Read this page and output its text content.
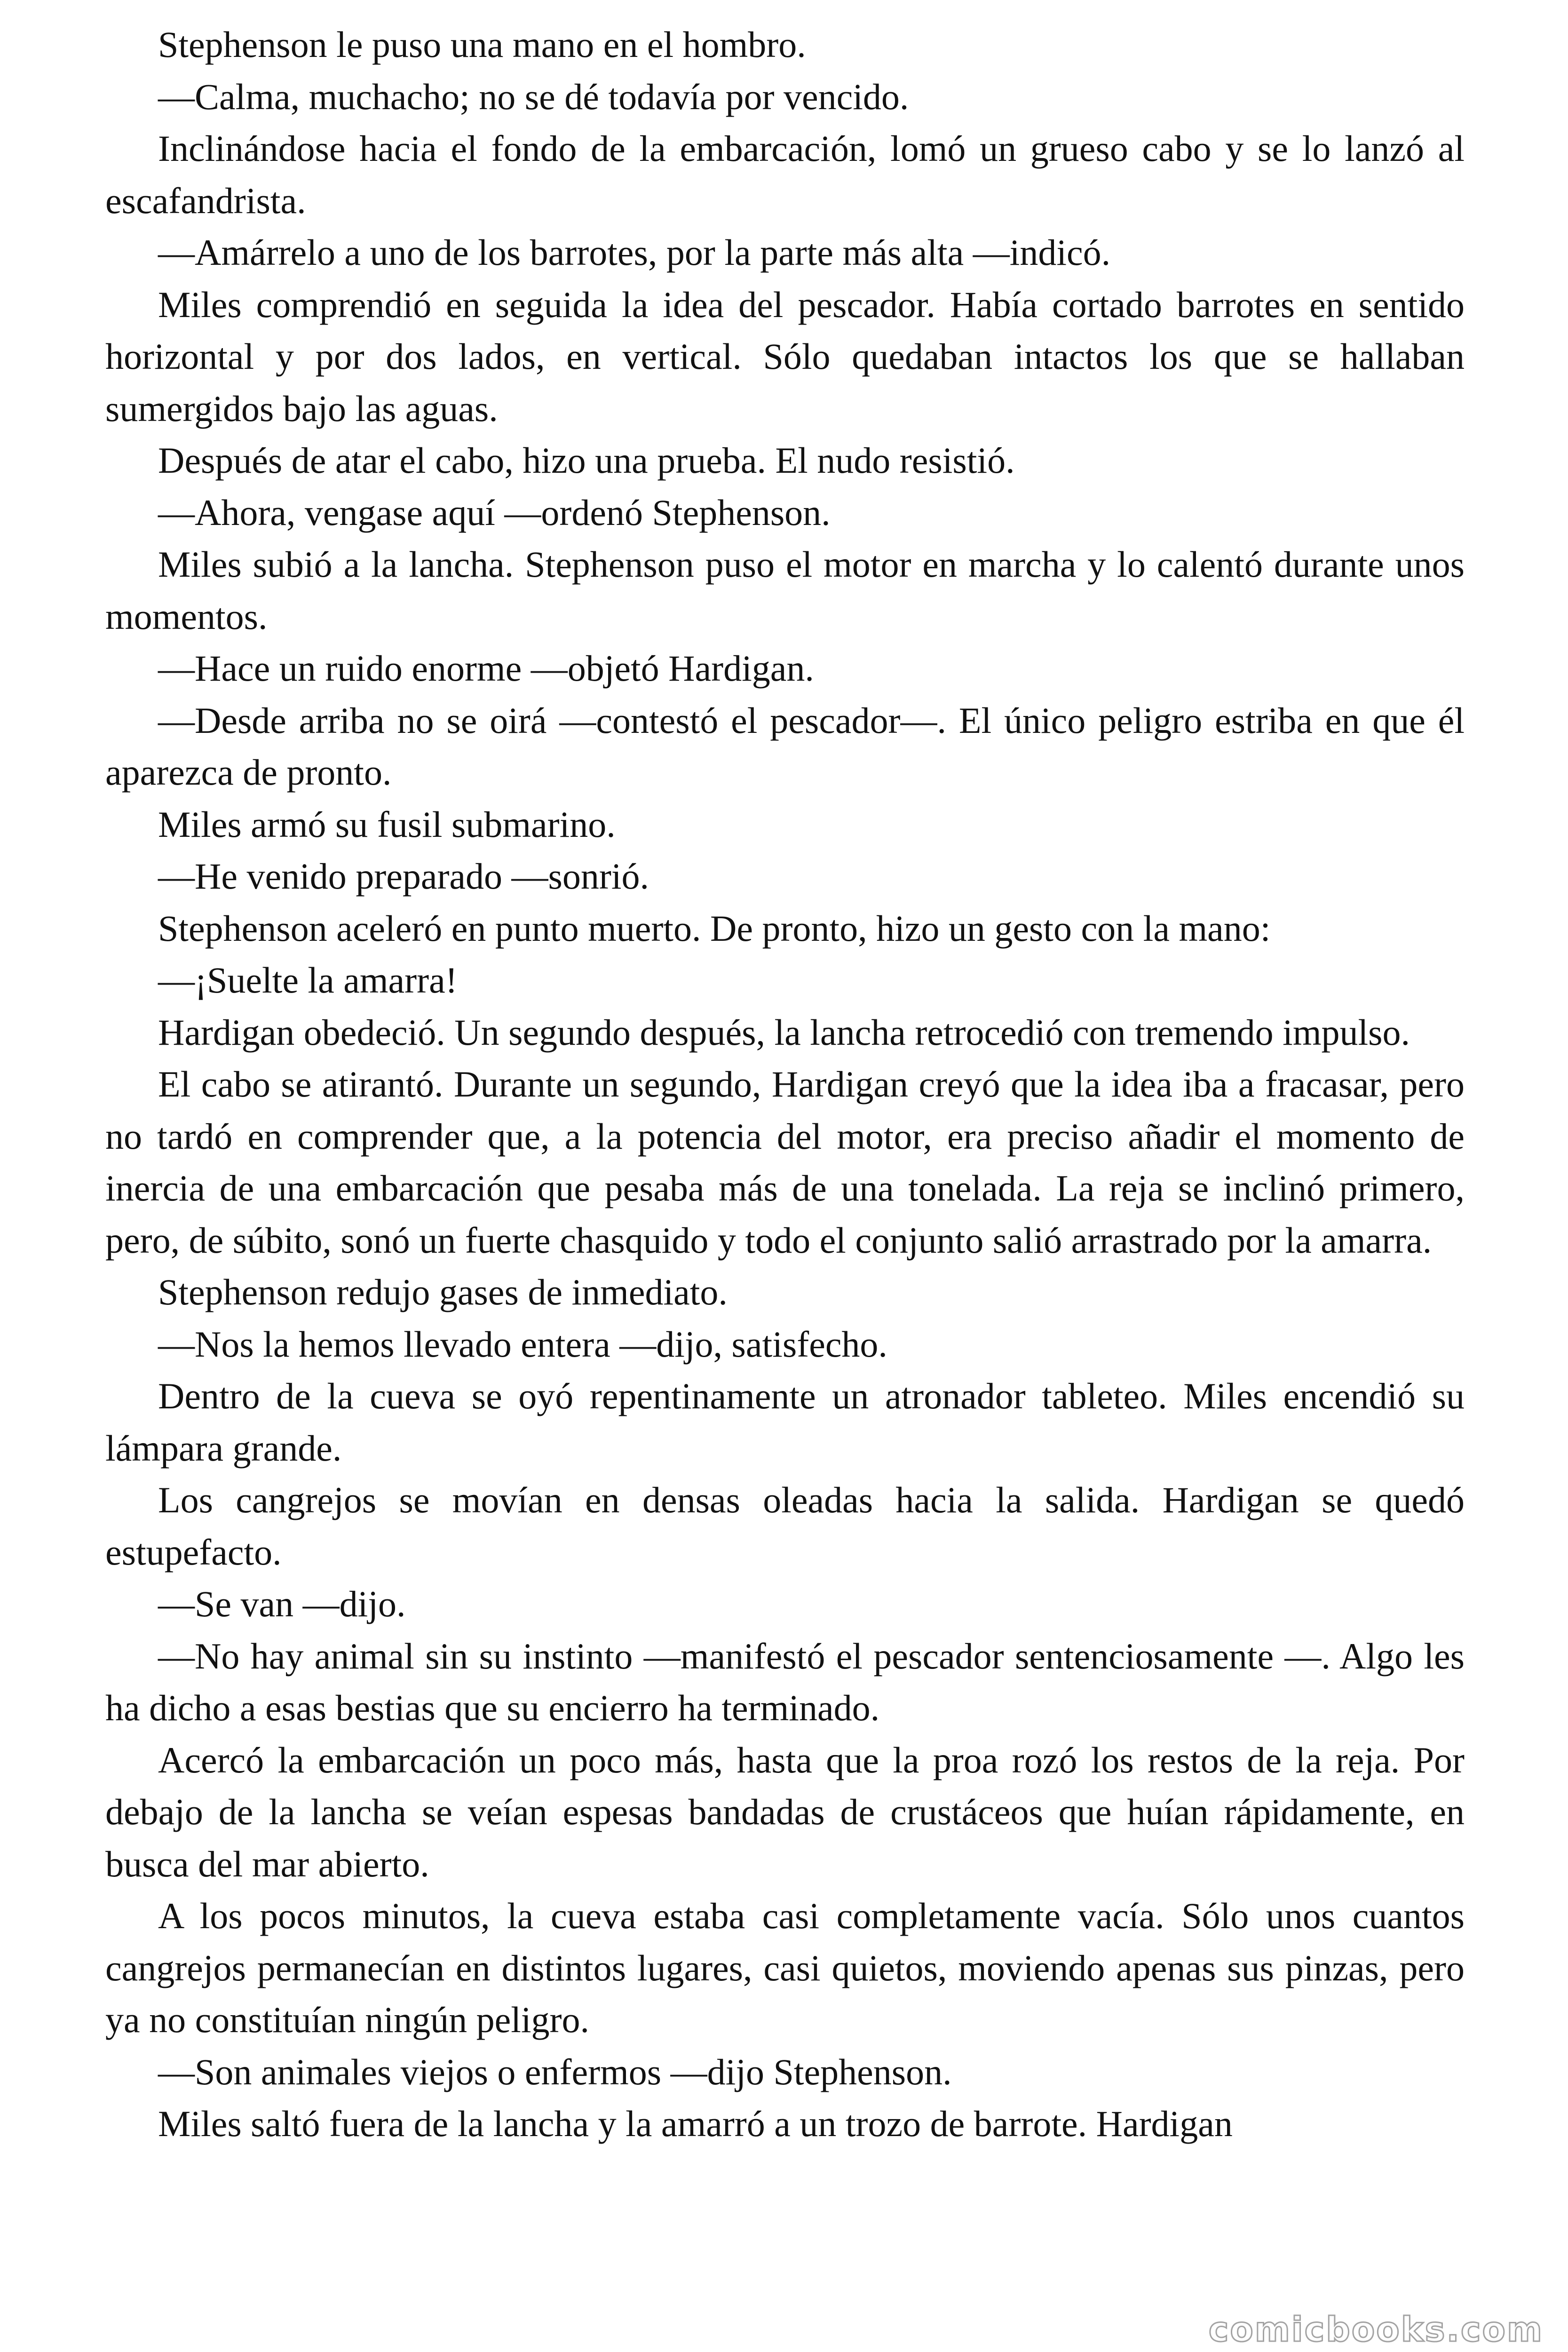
Stephenson le puso una mano en el hombro.

—Calma, muchacho; no se dé todavía por vencido.

Inclinándose hacia el fondo de la embarcación, lomó un grueso cabo y se lo lanzó al escafandrista.

—Amárrelo a uno de los barrotes, por la parte más alta —indicó.

Miles comprendió en seguida la idea del pescador. Había cortado barrotes en sentido horizontal y por dos lados, en vertical. Sólo quedaban intactos los que se hallaban sumergidos bajo las aguas.

Después de atar el cabo, hizo una prueba. El nudo resistió.

—Ahora, vengase aquí —ordenó Stephenson.

Miles subió a la lancha. Stephenson puso el motor en marcha y lo calentó durante unos momentos.

—Hace un ruido enorme —objetó Hardigan.

—Desde arriba no se oirá —contestó el pescador—. El único peligro estriba en que él aparezca de pronto.

Miles armó su fusil submarino.

—He venido preparado —sonrió.

Stephenson aceleró en punto muerto. De pronto, hizo un gesto con la mano:

—¡Suelte la amarra!

Hardigan obedeció. Un segundo después, la lancha retrocedió con tremendo impulso.

El cabo se atirantó. Durante un segundo, Hardigan creyó que la idea iba a fracasar, pero no tardó en comprender que, a la potencia del motor, era preciso añadir el momento de inercia de una embarcación que pesaba más de una tonelada. La reja se inclinó primero, pero, de súbito, sonó un fuerte chasquido y todo el conjunto salió arrastrado por la amarra.

Stephenson redujo gases de inmediato.

—Nos la hemos llevado entera —dijo, satisfecho.

Dentro de la cueva se oyó repentinamente un atronador tableteo. Miles encendió su lámpara grande.

Los cangrejos se movían en densas oleadas hacia la salida. Hardigan se quedó estupefacto.

—Se van —dijo.

—No hay animal sin su instinto —manifestó el pescador sentenciosamente —. Algo les ha dicho a esas bestias que su encierro ha terminado.

Acercó la embarcación un poco más, hasta que la proa rozó los restos de la reja. Por debajo de la lancha se veían espesas bandadas de crustáceos que huían rápidamente, en busca del mar abierto.

A los pocos minutos, la cueva estaba casi completamente vacía. Sólo unos cuantos cangrejos permanecían en distintos lugares, casi quietos, moviendo apenas sus pinzas, pero ya no constituían ningún peligro.

—Son animales viejos o enfermos —dijo Stephenson.

Miles saltó fuera de la lancha y la amarró a un trozo de barrote. Hardigan

comicbooks.com
